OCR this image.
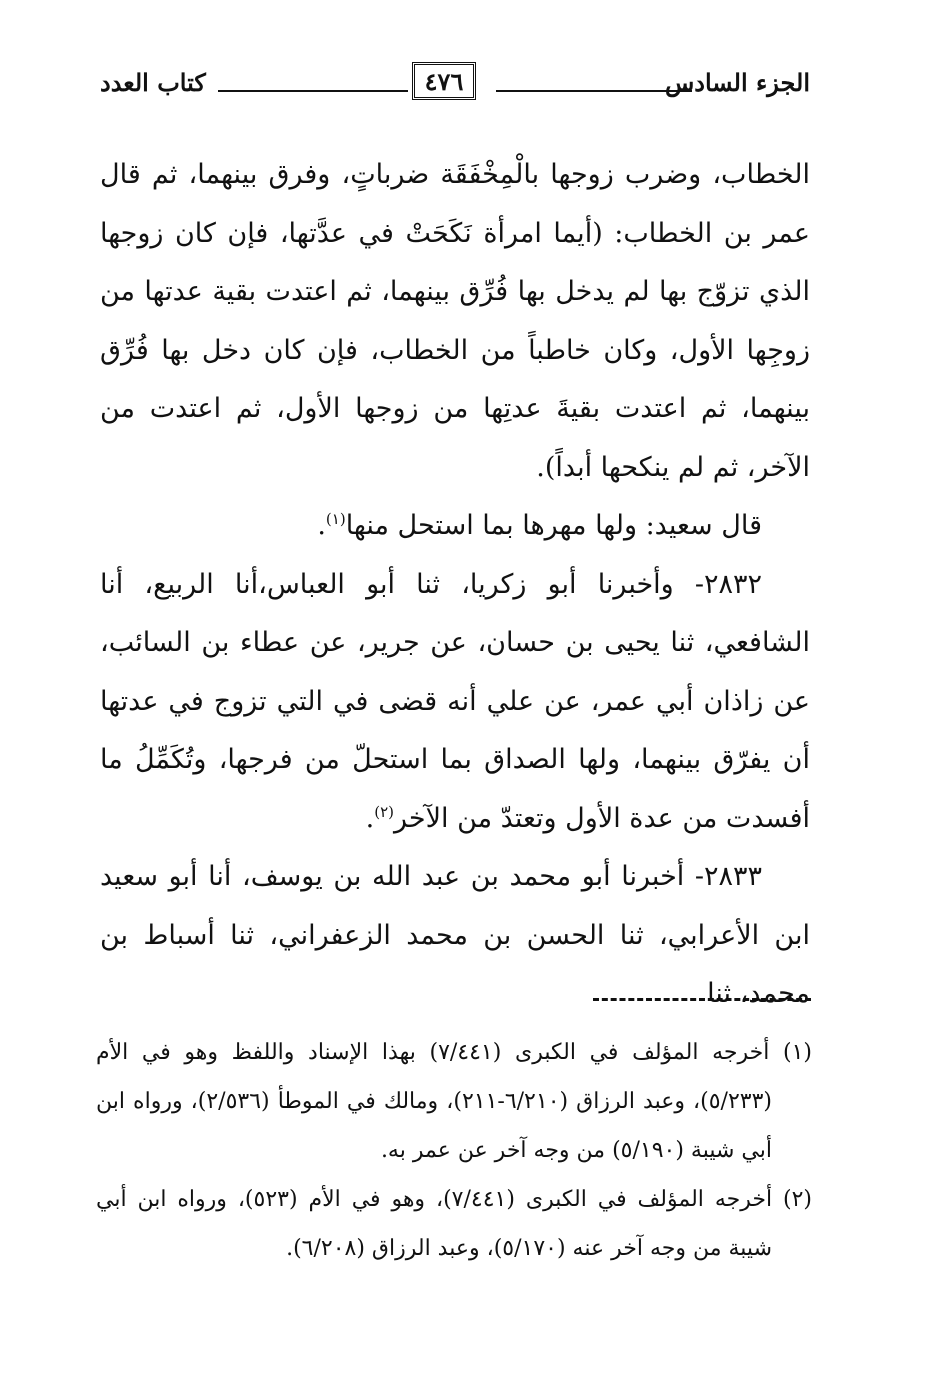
الجزء السادس
٤٧٦
كتاب العدد

الخطاب، وضرب زوجها بالْمِخْفَقَة ضرباتٍ، وفرق بينهما، ثم قال عمر بن الخطاب: (أيما امرأة نَكَحَتْ في عدَّتها، فإن كان زوجها الذي تزوّج بها لم يدخل بها فُرِّق بينهما، ثم اعتدت بقية عدتها من زوجِها الأول، وكان خاطباً من الخطاب، فإن كان دخل بها فُرِّق بينهما، ثم اعتدت بقيةَ عدتِها من زوجها الأول، ثم اعتدت من الآخر، ثم لم ينكحها أبداً).

قال سعيد: ولها مهرها بما استحل منها$^{(١)}$.

٢٨٣٢- وأخبرنا أبو زكريا، ثنا أبو العباس،أنا الربيع، أنا الشافعي، ثنا يحيى بن حسان، عن جرير، عن عطاء بن السائب، عن زاذان أبي عمر، عن علي أنه قضى في التي تزوج في عدتها أن يفرّق بينهما، ولها الصداق بما استحلّ من فرجها، وتُكَمِّلُ ما أفسدت من عدة الأول وتعتدّ من الآخر$^{(٢)}$.

٢٨٣٣- أخبرنا أبو محمد بن عبد الله بن يوسف، أنا أبو سعيد ابن الأعرابي، ثنا الحسن بن محمد الزعفراني، ثنا أسباط بن محمد، ثنا

(١) أخرجه المؤلف في الكبرى (٧/٤٤١) بهذا الإسناد واللفظ وهو في الأم (٥/٢٣٣)، وعبد الرزاق (٦/٢١٠-٢١١)، ومالك في الموطأ (٢/٥٣٦)، ورواه ابن أبي شيبة (٥/١٩٠) من وجه آخر عن عمر به.

(٢) أخرجه المؤلف في الكبرى (٧/٤٤١)، وهو في الأم (٥٢٣)، ورواه ابن أبي شيبة من وجه آخر عنه (٥/١٧٠)، وعبد الرزاق (٦/٢٠٨).
